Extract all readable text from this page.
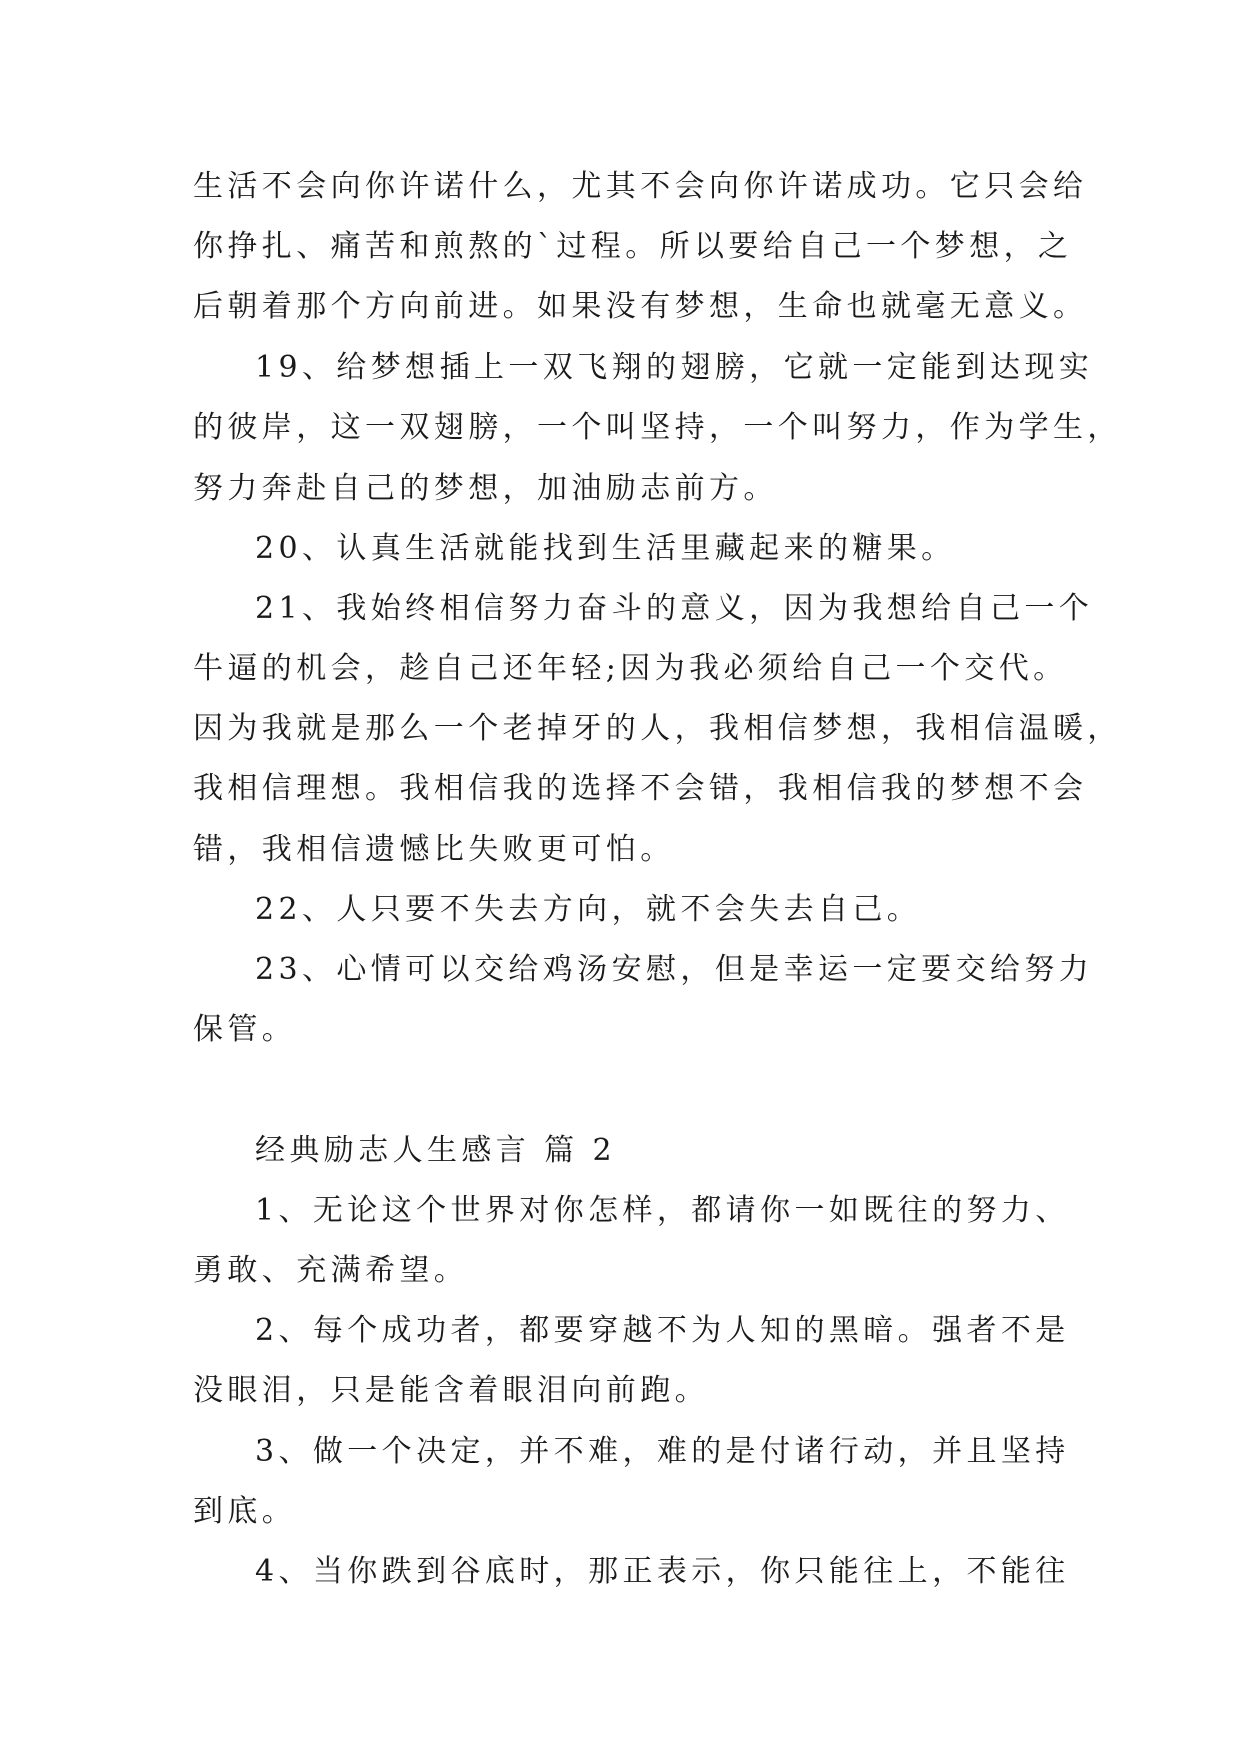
生活不会向你许诺什么，尤其不会向你许诺成功。它只会给
你挣扎、痛苦和煎熬的`过程。所以要给自己一个梦想，之
后朝着那个方向前进。如果没有梦想，生命也就毫无意义。
19、给梦想插上一双飞翔的翅膀，它就一定能到达现实
的彼岸，这一双翅膀，一个叫坚持，一个叫努力，作为学生，
努力奔赴自己的梦想，加油励志前方。
20、认真生活就能找到生活里藏起来的糖果。
21、我始终相信努力奋斗的意义，因为我想给自己一个
牛逼的机会，趁自己还年轻;因为我必须给自己一个交代。
因为我就是那么一个老掉牙的人，我相信梦想，我相信温暖，
我相信理想。我相信我的选择不会错，我相信我的梦想不会
错，我相信遗憾比失败更可怕。
22、人只要不失去方向，就不会失去自己。
23、心情可以交给鸡汤安慰，但是幸运一定要交给努力
保管。
经典励志人生感言 篇 2
1、无论这个世界对你怎样，都请你一如既往的努力、
勇敢、充满希望。
2、每个成功者，都要穿越不为人知的黑暗。强者不是
没眼泪，只是能含着眼泪向前跑。
3、做一个决定，并不难，难的是付诸行动，并且坚持
到底。
4、当你跌到谷底时，那正表示，你只能往上，不能往
